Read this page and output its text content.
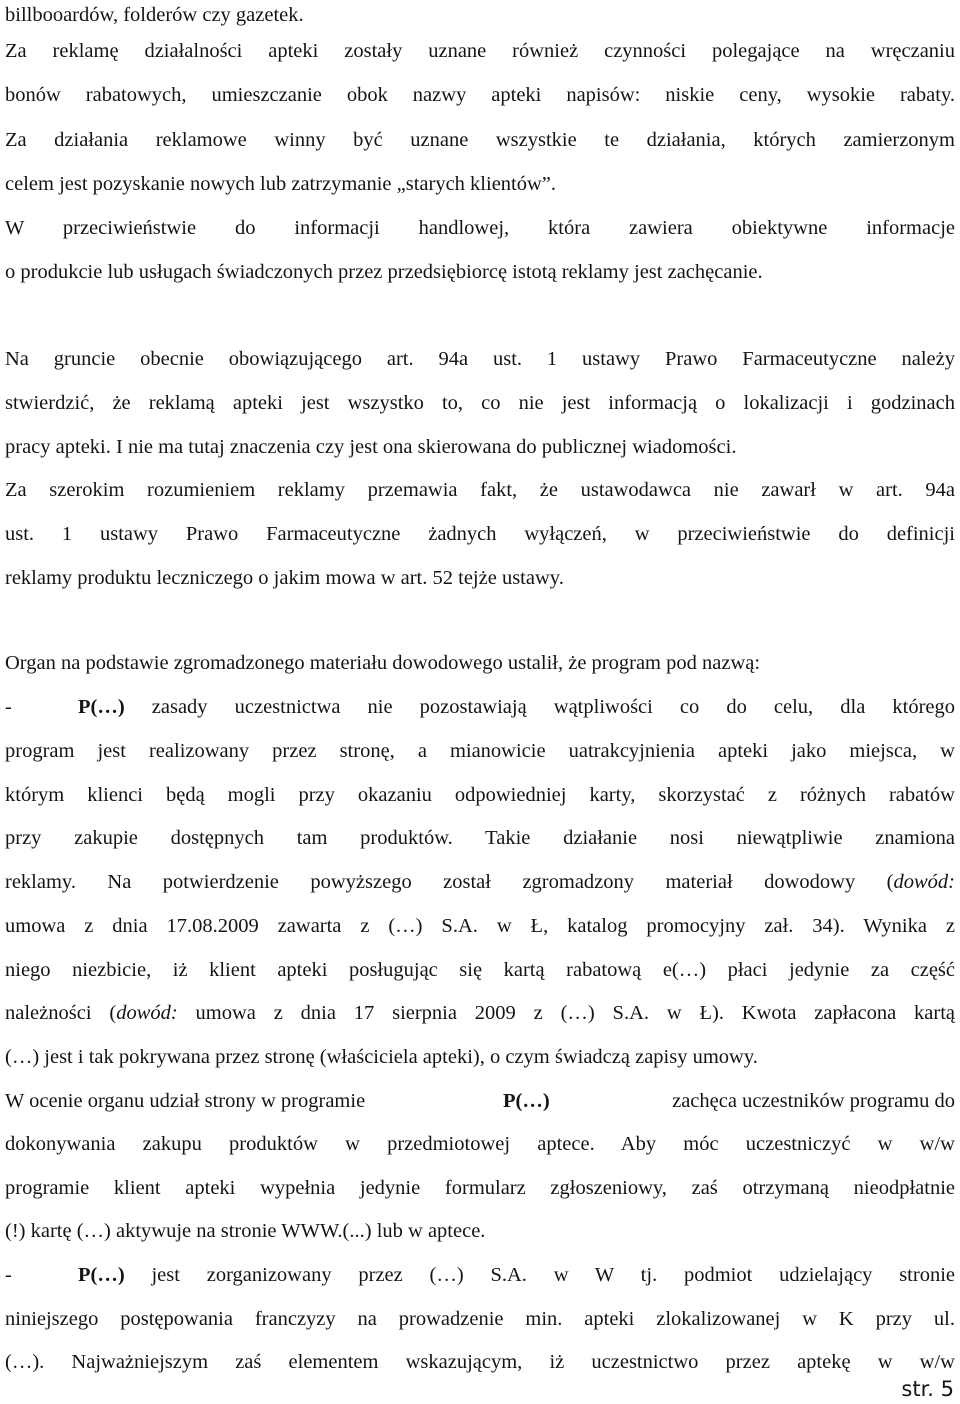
billbooardów, folderów czy gazetek.
Za reklamę działalności apteki zostały uznane również czynności polegające na wręczaniu
bonów rabatowych, umieszczanie obok nazwy apteki napisów: niskie ceny, wysokie rabaty.
Za działania reklamowe winny być uznane wszystkie te działania, których zamierzonym
celem jest pozyskanie nowych lub zatrzymanie „starych klientów”.
W przeciwieństwie do informacji handlowej, która zawiera obiektywne informacje
o produkcie lub usługach świadczonych przez przedsiębiorcę istotą reklamy jest zachęcanie.
Na gruncie obecnie obowiązującego art. 94a ust. 1 ustawy Prawo Farmaceutyczne należy
stwierdzić, że reklamą apteki jest wszystko to, co nie jest informacją o lokalizacji i godzinach
pracy apteki. I nie ma tutaj znaczenia czy jest ona skierowana do publicznej wiadomości.
Za szerokim rozumieniem reklamy przemawia fakt, że ustawodawca nie zawarł w art. 94a
ust. 1 ustawy Prawo Farmaceutyczne żadnych wyłączeń, w przeciwieństwie do definicji
reklamy produktu leczniczego o jakim mowa w art. 52 tejże ustawy.
Organ na podstawie zgromadzonego materiału dowodowego ustalił, że program pod nazwą:
-	P(…) zasady uczestnictwa nie pozostawiają wątpliwości co do celu, dla którego
program jest realizowany przez stronę, a mianowicie uatrakcyjnienia apteki jako miejsca, w
którym klienci będą mogli przy okazaniu odpowiedniej karty, skorzystać z różnych rabatów
przy zakupie dostępnych tam produktów. Takie działanie nosi niewątpliwie znamiona
reklamy. Na potwierdzenie powyższego został zgromadzony materiał dowodowy (dowód:
umowa z dnia 17.08.2009 zawarta z (…) S.A. w Ł, katalog promocyjny zał. 34). Wynika z
niego niezbicie, iż klient apteki posługując się kartą rabatową e(…) płaci jedynie za część
należności (dowód: umowa z dnia 17 sierpnia 2009 z (…) S.A. w Ł). Kwota zapłacona kartą
(…) jest i tak pokrywana przez stronę (właściciela apteki), o czym świadczą zapisy umowy.
W ocenie organu udział strony w programie	P(…)	zachęca uczestników programu do
dokonywania zakupu produktów w przedmiotowej aptece. Aby móc uczestniczyć w w/w
programie klient apteki wypełnia jedynie formularz zgłoszeniowy, zaś otrzymaną nieodpłatnie
(!) kartę (…) aktywuje na stronie WWW.(...) lub w aptece.
-	P(…) jest zorganizowany przez (…) S.A. w W tj. podmiot udzielający stronie
niniejszego postępowania franczyzy na prowadzenie min. apteki zlokalizowanej w K przy ul.
(…). Najważniejszym zaś elementem wskazującym, iż uczestnictwo przez aptekę w w/w
str. 5
